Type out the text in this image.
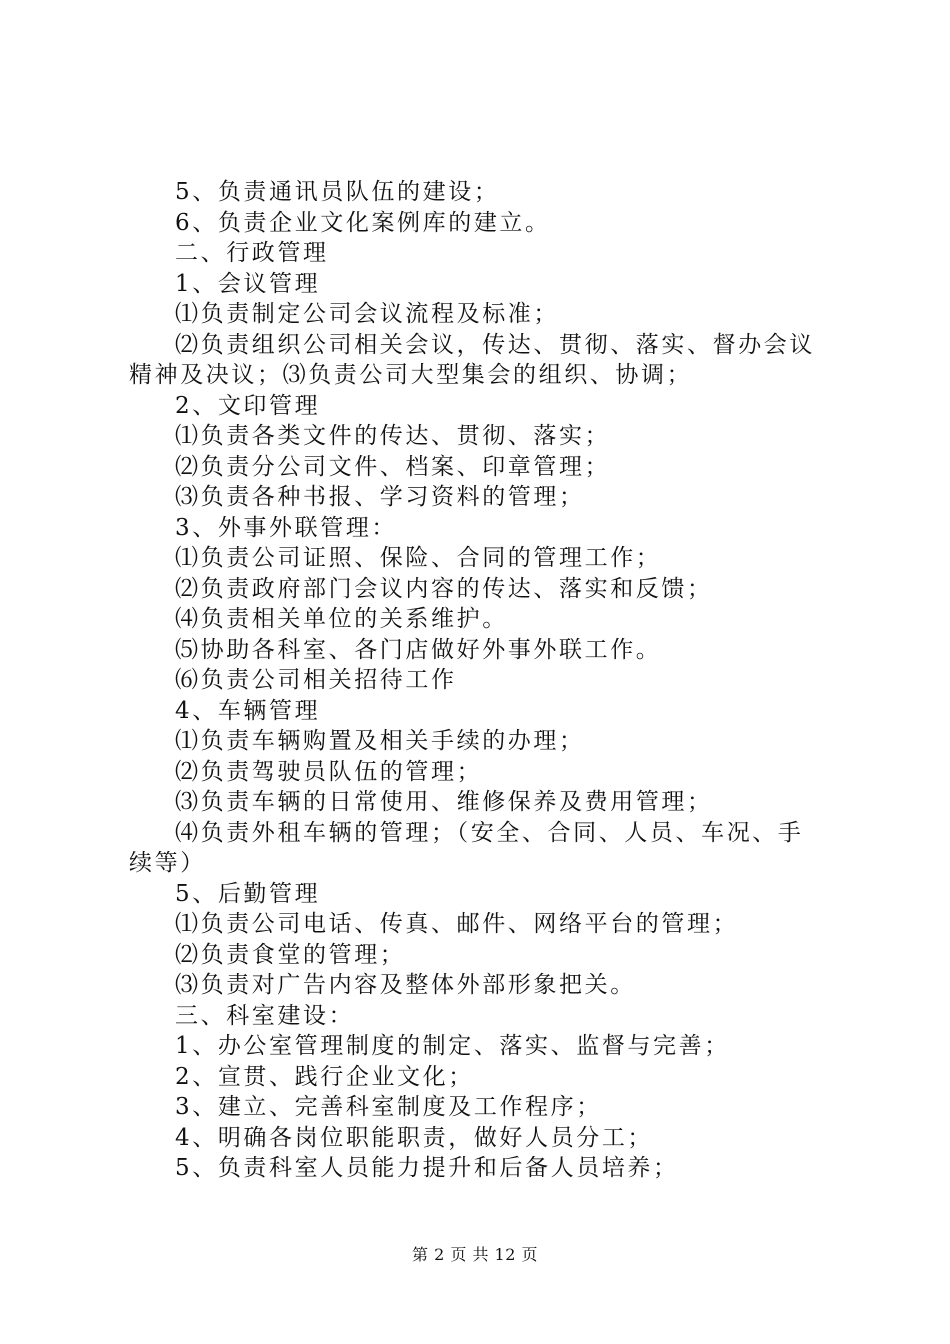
5、负责通讯员队伍的建设；
6、负责企业文化案例库的建立。
二、行政管理
1、会议管理
⑴负责制定公司会议流程及标准；
⑵负责组织公司相关会议，传达、贯彻、落实、督办会议
精神及决议；⑶负责公司大型集会的组织、协调；
2、文印管理
⑴负责各类文件的传达、贯彻、落实；
⑵负责分公司文件、档案、印章管理；
⑶负责各种书报、学习资料的管理；
3、外事外联管理：
⑴负责公司证照、保险、合同的管理工作；
⑵负责政府部门会议内容的传达、落实和反馈；
⑷负责相关单位的关系维护。
⑸协助各科室、各门店做好外事外联工作。
⑹负责公司相关招待工作
4、车辆管理
⑴负责车辆购置及相关手续的办理；
⑵负责驾驶员队伍的管理；
⑶负责车辆的日常使用、维修保养及费用管理；
⑷负责外租车辆的管理；（安全、合同、人员、车况、手
续等）
5、后勤管理
⑴负责公司电话、传真、邮件、网络平台的管理；
⑵负责食堂的管理；
⑶负责对广告内容及整体外部形象把关。
三、科室建设：
1、办公室管理制度的制定、落实、监督与完善；
2、宣贯、践行企业文化；
3、建立、完善科室制度及工作程序；
4、明确各岗位职能职责，做好人员分工；
5、负责科室人员能力提升和后备人员培养；
第 2 页 共 12 页
